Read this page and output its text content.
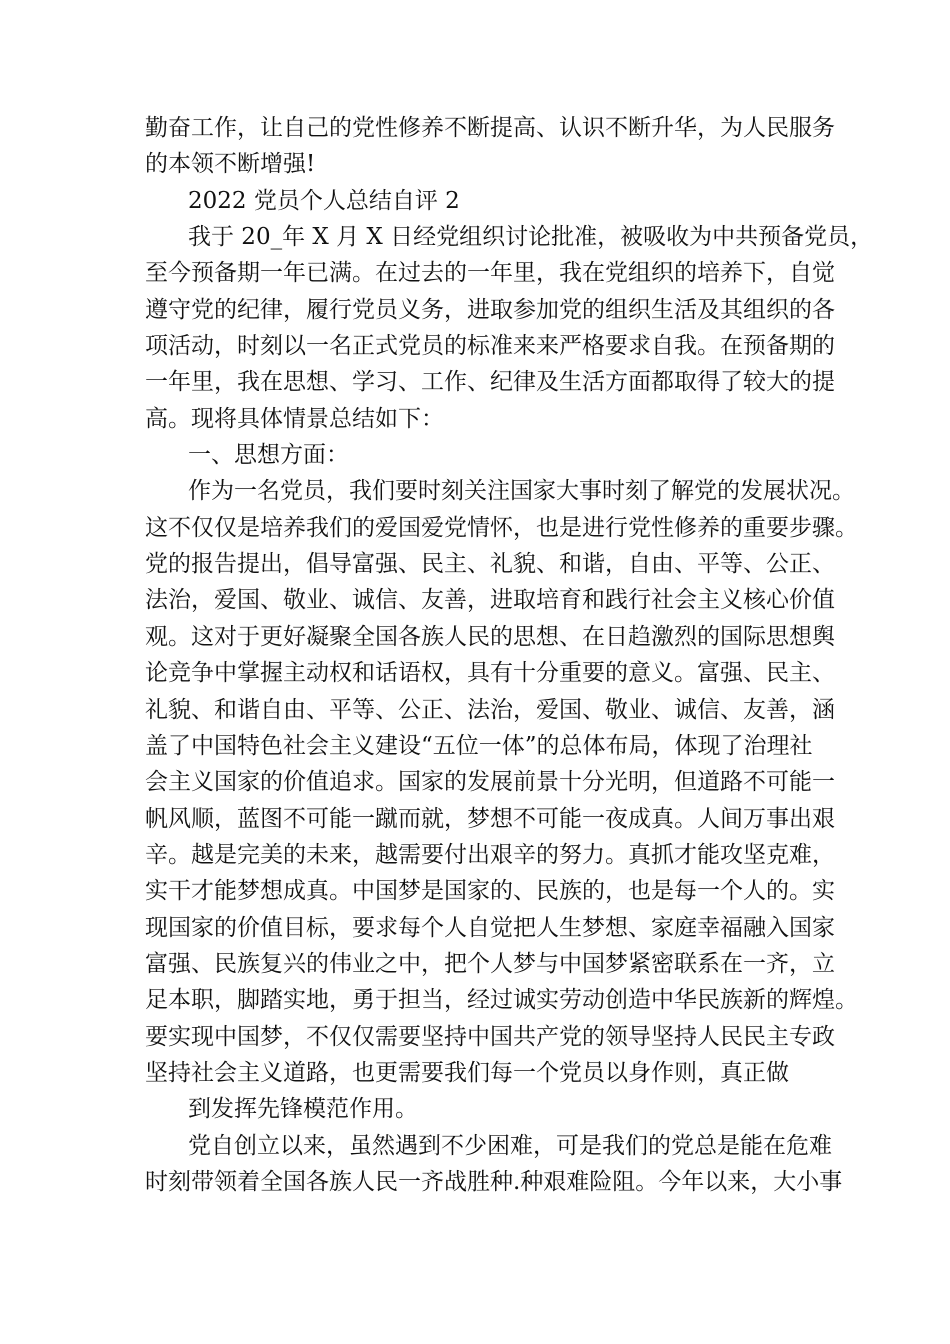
勤奋工作，让自己的党性修养不断提高、认识不断升华，为人民服务
的本领不断增强!
2022 党员个人总结自评 2
我于 20_年 X 月 X 日经党组织讨论批准，被吸收为中共预备党员，
至今预备期一年已满。在过去的一年里，我在党组织的培养下，自觉
遵守党的纪律，履行党员义务，进取参加党的组织生活及其组织的各
项活动，时刻以一名正式党员的标准来来严格要求自我。在预备期的
一年里，我在思想、学习、工作、纪律及生活方面都取得了较大的提
高。现将具体情景总结如下：
一、思想方面：
作为一名党员，我们要时刻关注国家大事时刻了解党的发展状况。
这不仅仅是培养我们的爱国爱党情怀，也是进行党性修养的重要步骤。
党的报告提出，倡导富强、民主、礼貌、和谐，自由、平等、公正、
法治，爱国、敬业、诚信、友善，进取培育和践行社会主义核心价值
观。这对于更好凝聚全国各族人民的思想、在日趋激烈的国际思想舆
论竞争中掌握主动权和话语权，具有十分重要的意义。富强、民主、
礼貌、和谐自由、平等、公正、法治，爱国、敬业、诚信、友善，涵
盖了中国特色社会主义建设“五位一体”的总体布局，体现了治理社
会主义国家的价值追求。国家的发展前景十分光明，但道路不可能一
帆风顺，蓝图不可能一蹴而就，梦想不可能一夜成真。人间万事出艰
辛。越是完美的未来，越需要付出艰辛的努力。真抓才能攻坚克难，
实干才能梦想成真。中国梦是国家的、民族的，也是每一个人的。实
现国家的价值目标，要求每个人自觉把人生梦想、家庭幸福融入国家
富强、民族复兴的伟业之中，把个人梦与中国梦紧密联系在一齐，立
足本职，脚踏实地，勇于担当，经过诚实劳动创造中华民族新的辉煌。
要实现中国梦，不仅仅需要坚持中国共产党的领导坚持人民民主专政
坚持社会主义道路，也更需要我们每一个党员以身作则，真正做
到发挥先锋模范作用。
党自创立以来，虽然遇到不少困难，可是我们的党总是能在危难
时刻带领着全国各族人民一齐战胜种.种艰难险阻。今年以来，大小事
